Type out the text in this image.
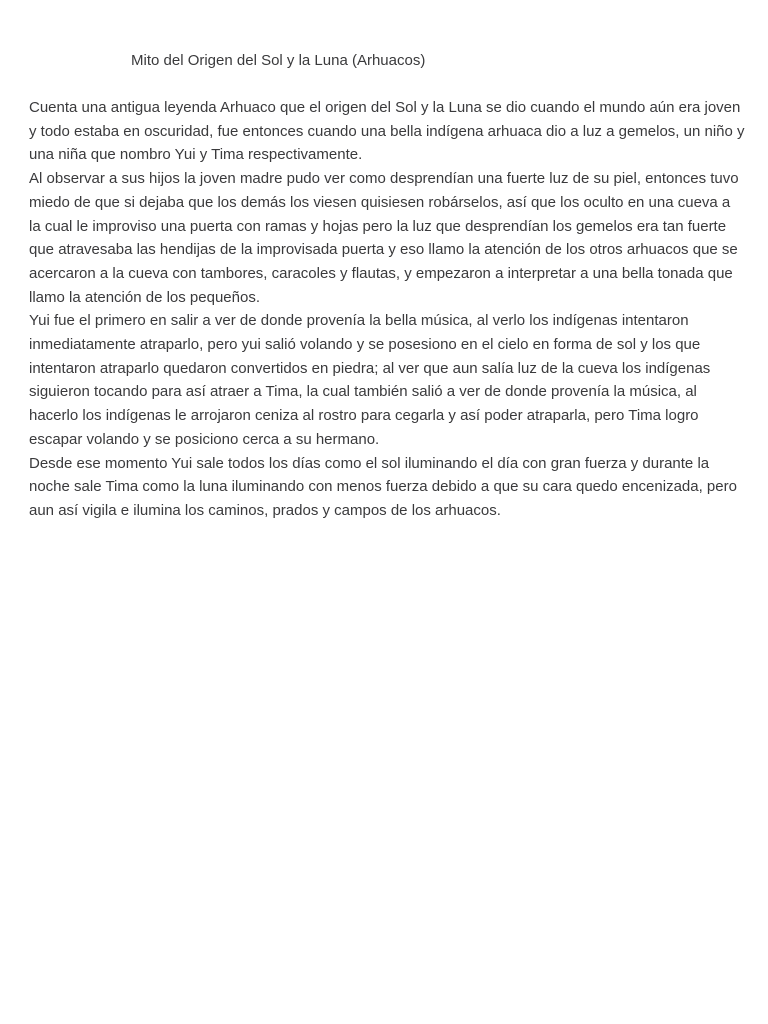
Mito del Origen del Sol y la Luna (Arhuacos)

Cuenta una antigua leyenda Arhuaco que el origen del Sol y la Luna se dio cuando el mundo aún era joven y todo estaba en oscuridad, fue entonces cuando una bella indígena arhuaca dio a luz a gemelos, un niño y una niña que nombro Yui y Tima respectivamente.

Al observar a sus hijos la joven madre pudo ver como desprendían una fuerte luz de su piel, entonces tuvo miedo de que si dejaba que los demás los viesen quisiesen robárselos, así que los oculto en una cueva a la cual le improviso una puerta con ramas y hojas pero la luz que desprendían los gemelos era tan fuerte que atravesaba las hendijas de la improvisada puerta y eso llamo la atención de los otros arhuacos que se acercaron a la cueva con tambores, caracoles y flautas, y empezaron a interpretar a una bella tonada que llamo la atención de los pequeños.

Yui fue el primero en salir a ver de donde provenía la bella música, al verlo los indígenas intentaron inmediatamente atraparlo, pero yui salió volando y se posesiono en el cielo en forma de sol y los que intentaron atraparlo quedaron convertidos en piedra; al ver que aun salía luz de la cueva los indígenas siguieron tocando para así atraer a Tima, la cual también salió a ver de donde provenía la música, al hacerlo los indígenas le arrojaron ceniza al rostro para cegarla y así poder atraparla, pero Tima logro escapar volando y se posiciono cerca a su hermano.

Desde ese momento Yui sale todos los días como el sol iluminando el día con gran fuerza y durante la noche sale Tima como la luna iluminando con menos fuerza debido a que su cara quedo encenizada, pero aun así vigila e ilumina los caminos, prados y campos de los arhuacos.
